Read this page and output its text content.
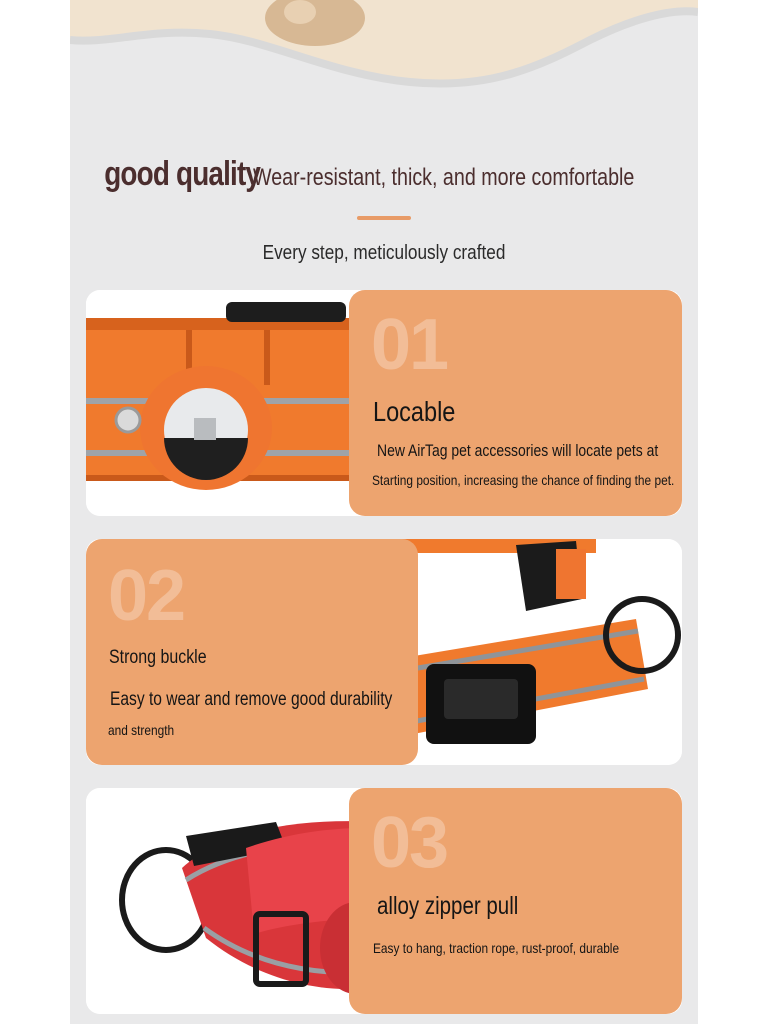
good quality Wear-resistant, thick, and more comfortable
Every step, meticulously crafted
01
Locable
New AirTag pet accessories will locate pets at
Starting position, increasing the chance of finding the pet.
02
Strong buckle
Easy to wear and remove good durability
and strength
03
alloy zipper pull
Easy to hang, traction rope, rust-proof, durable
